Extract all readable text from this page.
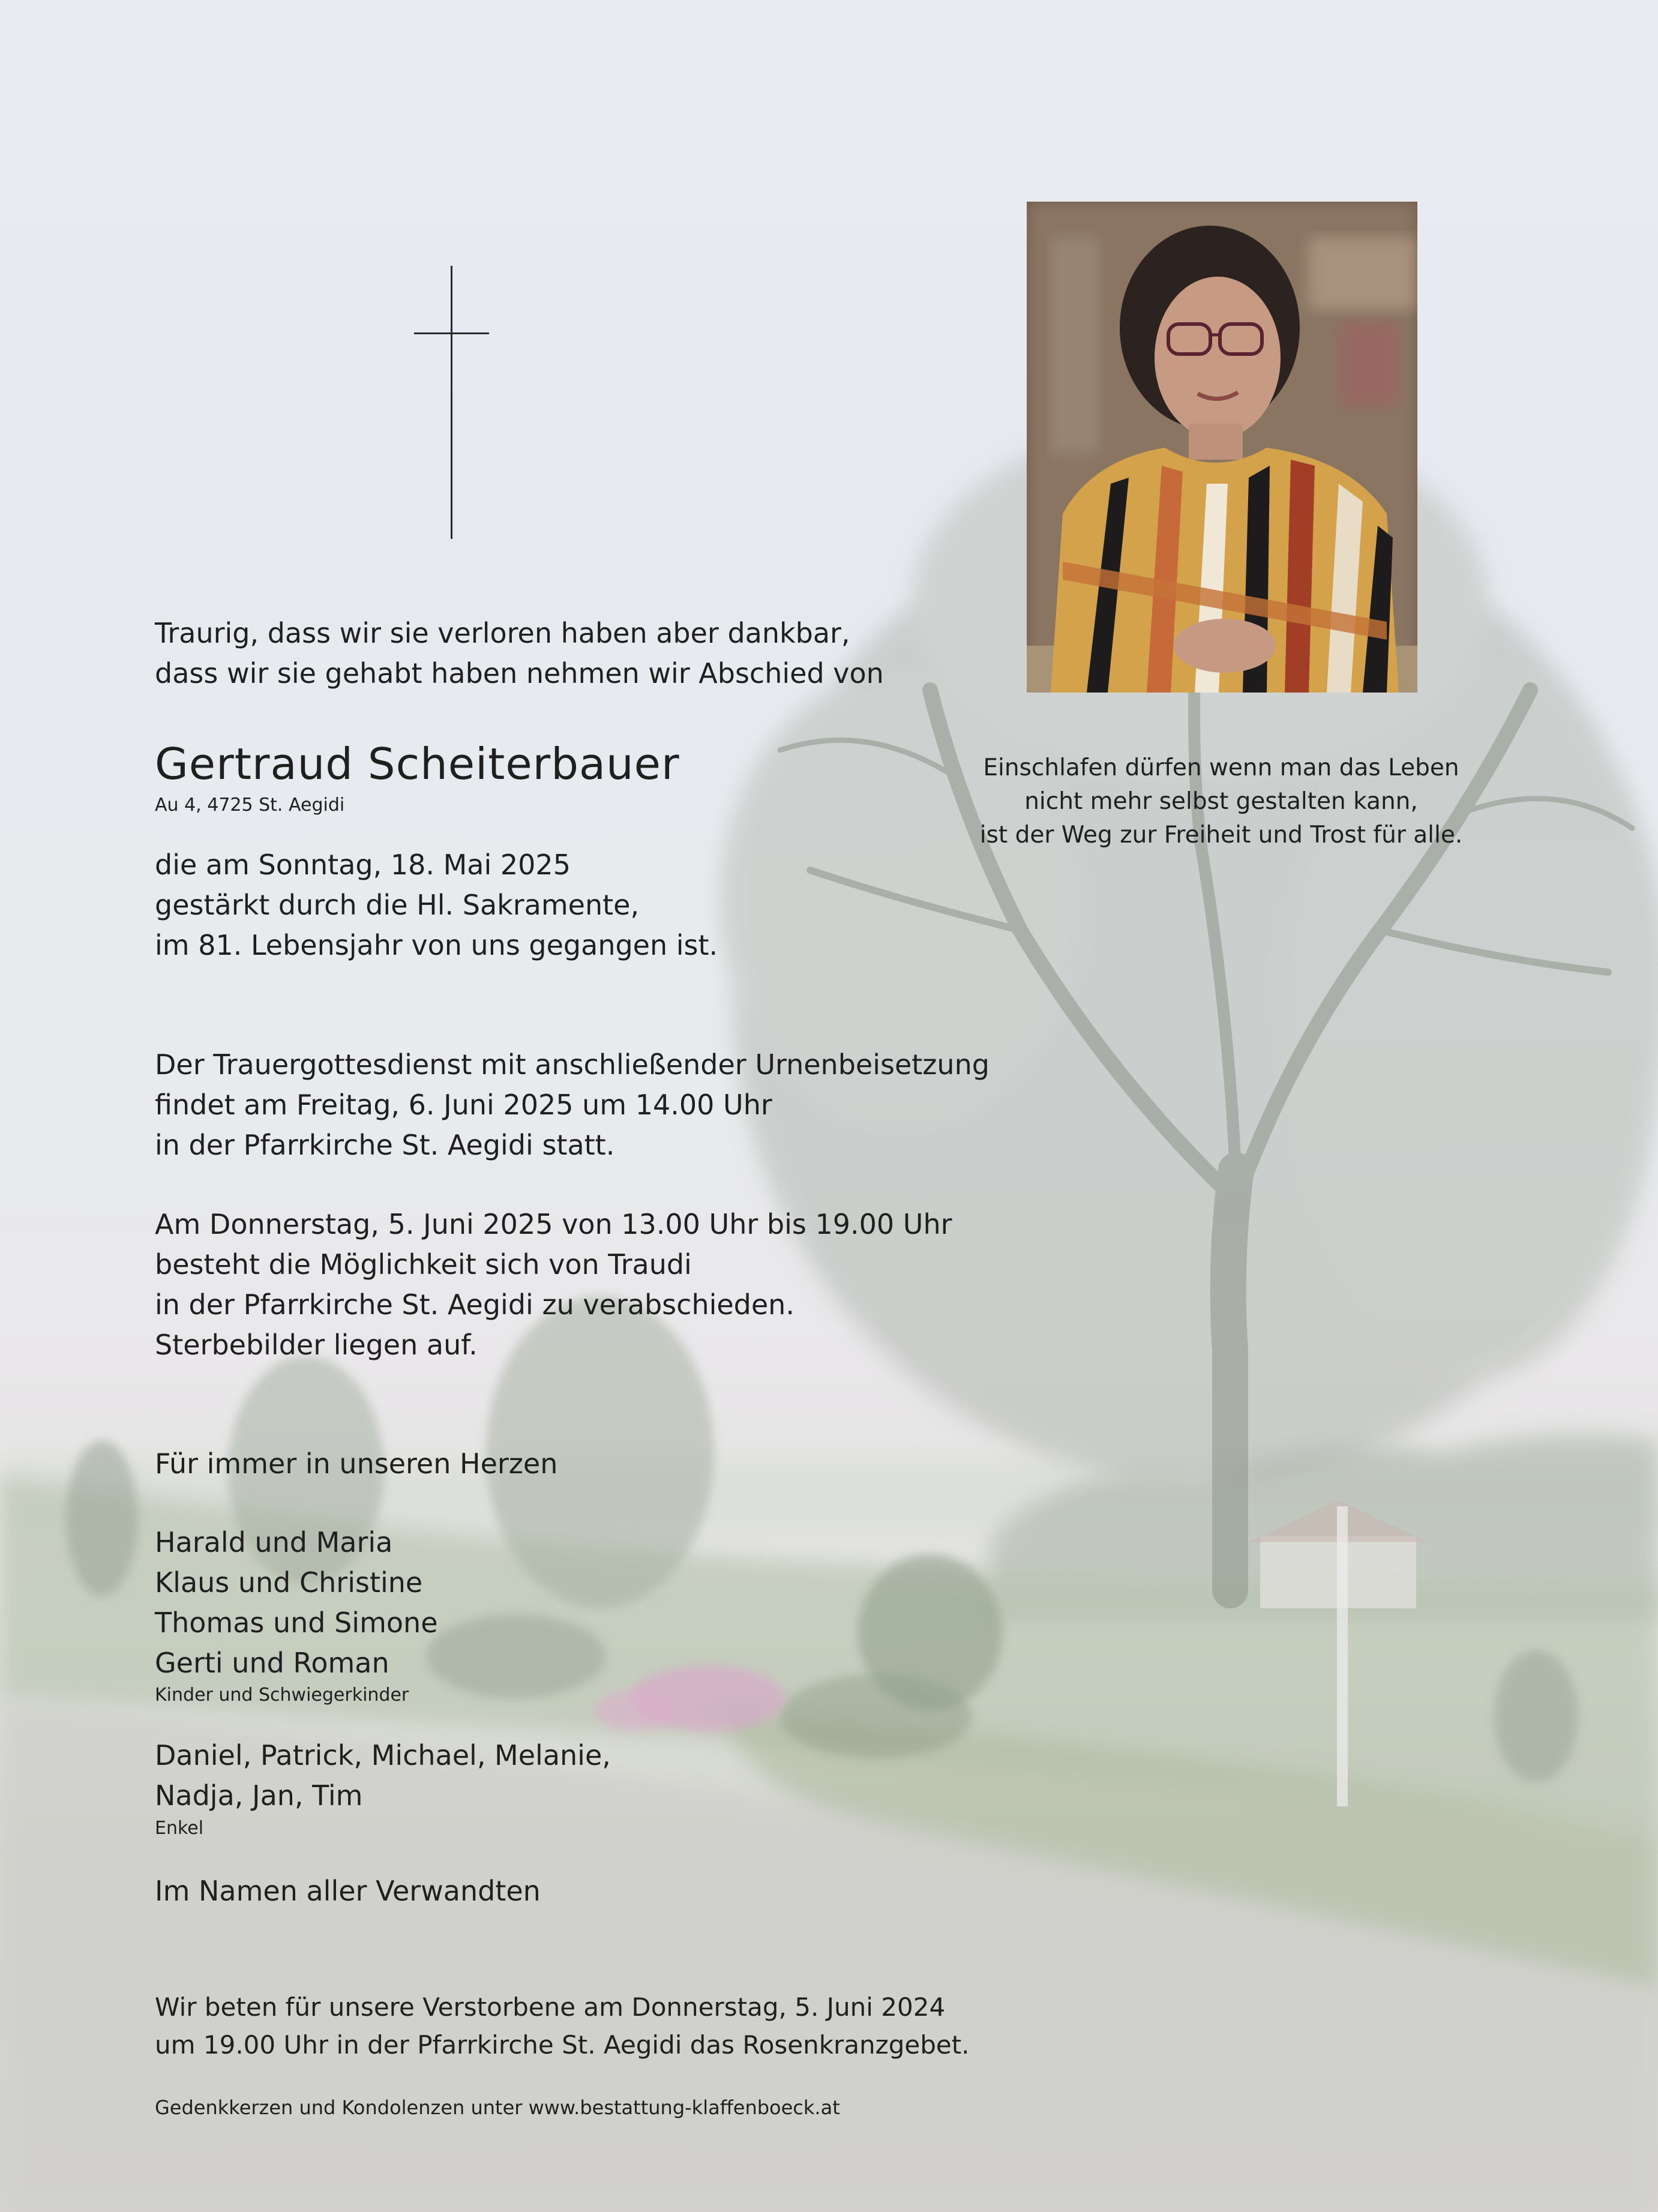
Traurig, dass wir sie verloren haben aber dankbar,
dass wir sie gehabt haben nehmen wir Abschied von

Gertraud Scheiterbauer

Au 4, 4725 St. Aegidi

die am Sonntag, 18. Mai 2025
gestärkt durch die Hl. Sakramente,
im 81. Lebensjahr von uns gegangen ist.

Einschlafen dürfen wenn man das Leben
nicht mehr selbst gestalten kann,
ist der Weg zur Freiheit und Trost für alle.

Der Trauergottesdienst mit anschließender Urnenbeisetzung
findet am Freitag, 6. Juni 2025 um 14.00 Uhr
in der Pfarrkirche St. Aegidi statt.

Am Donnerstag, 5. Juni 2025 von 13.00 Uhr bis 19.00 Uhr
besteht die Möglichkeit sich von Traudi
in der Pfarrkirche St. Aegidi zu verabschieden.
Sterbebilder liegen auf.

Für immer in unseren Herzen

Harald und Maria
Klaus und Christine
Thomas und Simone
Gerti und Roman

Kinder und Schwiegerkinder

Daniel, Patrick, Michael, Melanie,
Nadja, Jan, Tim

Enkel

Im Namen aller Verwandten

Wir beten für unsere Verstorbene am Donnerstag, 5. Juni 2024
um 19.00 Uhr in der Pfarrkirche St. Aegidi das Rosenkranzgebet.

Gedenkkerzen und Kondolenzen unter www.bestattung-klaffenboeck.at
